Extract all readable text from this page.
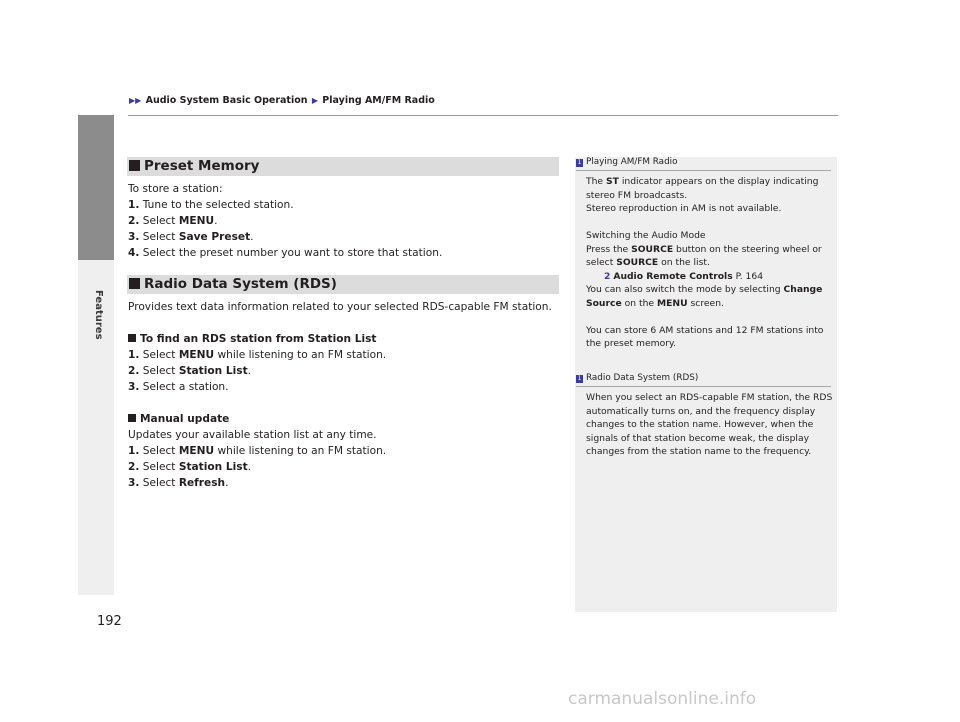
Features
▶▶ Audio System Basic Operation ▶ Playing AM/FM Radio
Preset Memory
To store a station:
1. Tune to the selected station.
2. Select MENU.
3. Select Save Preset.
4. Select the preset number you want to store that station.
Radio Data System (RDS)
Provides text data information related to your selected RDS-capable FM station.
To find an RDS station from Station List
1. Select MENU while listening to an FM station.
2. Select Station List.
3. Select a station.
Manual update
Updates your available station list at any time.
1. Select MENU while listening to an FM station.
2. Select Station List.
3. Select Refresh.
1 Playing AM/FM Radio
The ST indicator appears on the display indicating
stereo FM broadcasts.
Stereo reproduction in AM is not available.
Switching the Audio Mode
Press the SOURCE button on the steering wheel or
select SOURCE on the list.
2 Audio Remote Controls P. 164
You can also switch the mode by selecting Change
Source on the MENU screen.
You can store 6 AM stations and 12 FM stations into
the preset memory.
1 Radio Data System (RDS)
When you select an RDS-capable FM station, the RDS
automatically turns on, and the frequency display
changes to the station name. However, when the
signals of that station become weak, the display
changes from the station name to the frequency.
192
carmanualsonline.info
